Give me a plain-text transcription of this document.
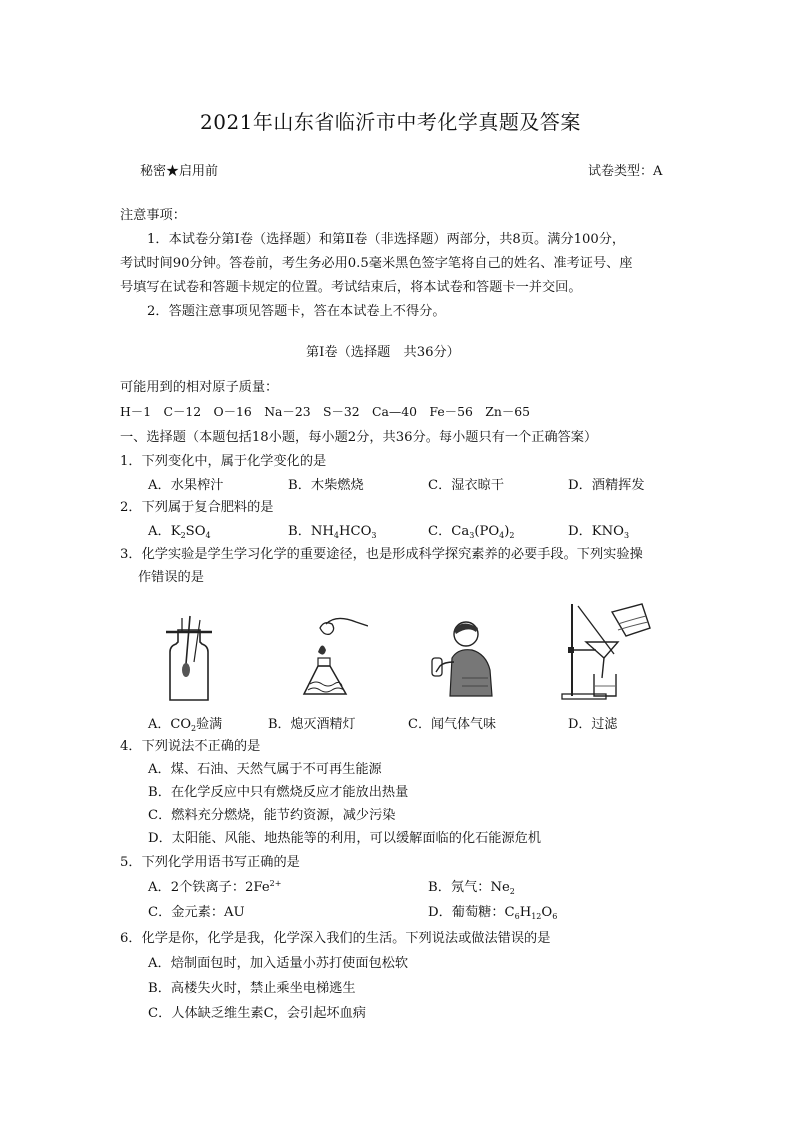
2021年山东省临沂市中考化学真题及答案
秘密★启用前	试卷类型：A
注意事项：
1．本试卷分第Ⅰ卷（选择题）和第Ⅱ卷（非选择题）两部分，共8页。满分100分，
考试时间90分钟。答卷前，考生务必用0.5毫米黑色签字笔将自己的姓名、准考证号、座
号填写在试卷和答题卡规定的位置。考试结束后，将本试卷和答题卡一并交回。
2．答题注意事项见答题卡，答在本试卷上不得分。
第Ⅰ卷（选择题　共36分）
可能用到的相对原子质量：
H－1　C－12　O－16　Na－23　S－32　Ca—40　Fe－56　Zn－65
一、选择题（本题包括18小题，每小题2分，共36分。每小题只有一个正确答案）
1．下列变化中，属于化学变化的是
A．水果榨汁	B．木柴燃烧	C．湿衣晾干	D．酒精挥发
2．下列属于复合肥料的是
A．$K_2SO_4$	B．$NH_4HCO_3$	C．$Ca_3(PO_4)_2$	D．$KNO_3$
3．化学实验是学生学习化学的重要途径，也是形成科学探究素养的必要手段。下列实验操
作错误的是
A．$CO_2$验满	B．熄灭酒精灯	C．闻气体气味	D．过滤
4．下列说法不正确的是
A．煤、石油、天然气属于不可再生能源
B．在化学反应中只有燃烧反应才能放出热量
C．燃料充分燃烧，能节约资源，减少污染
D．太阳能、风能、地热能等的利用，可以缓解面临的化石能源危机
5．下列化学用语书写正确的是
A．2个铁离子：$2Fe^{2+}$	B．氖气：$Ne_2$
C．金元素：AU	D．葡萄糖：$C_6H_{12}O_6$
6．化学是你，化学是我，化学深入我们的生活。下列说法或做法错误的是
A．焙制面包时，加入适量小苏打使面包松软
B．高楼失火时，禁止乘坐电梯逃生
C．人体缺乏维生素C，会引起坏血病
